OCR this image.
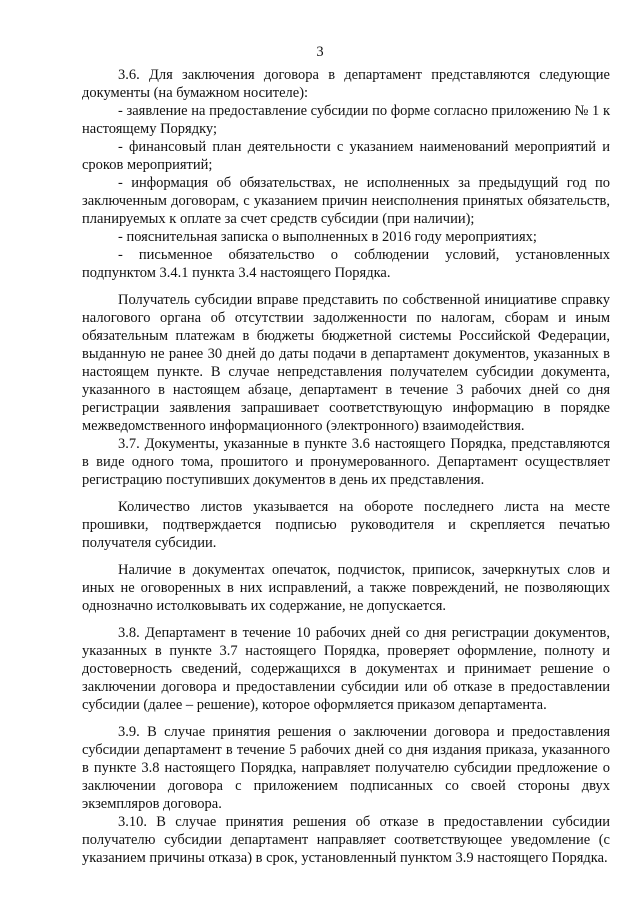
3

3.6. Для заключения договора в департамент представляются следующие документы (на бумажном носителе):

- заявление на предоставление субсидии по форме согласно приложению № 1 к настоящему Порядку;

- финансовый план деятельности с указанием наименований мероприятий и сроков мероприятий;

- информация об обязательствах, не исполненных за предыдущий год по заключенным договорам, с указанием причин неисполнения принятых обязательств, планируемых к оплате за счет средств субсидии (при наличии);

- пояснительная записка о выполненных в 2016 году мероприятиях;

- письменное обязательство о соблюдении условий, установленных подпунктом 3.4.1 пункта 3.4 настоящего Порядка.

Получатель субсидии вправе представить по собственной инициативе справку налогового органа об отсутствии задолженности по налогам, сборам и иным обязательным платежам в бюджеты бюджетной системы Российской Федерации, выданную не ранее 30 дней до даты подачи в департамент документов, указанных в настоящем пункте. В случае непредставления получателем субсидии документа, указанного в настоящем абзаце, департамент в течение 3 рабочих дней со дня регистрации заявления запрашивает соответствующую информацию в порядке межведомственного информационного (электронного) взаимодействия.

3.7. Документы, указанные в пункте 3.6 настоящего Порядка, представляются в виде одного тома, прошитого и пронумерованного. Департамент осуществляет регистрацию поступивших документов в день их представления.

Количество листов указывается на обороте последнего листа на месте прошивки, подтверждается подписью руководителя и скрепляется печатью получателя субсидии.

Наличие в документах опечаток, подчисток, приписок, зачеркнутых слов и иных не оговоренных в них исправлений, а также повреждений, не позволяющих однозначно истолковывать их содержание, не допускается.

3.8. Департамент в течение 10 рабочих дней со дня регистрации документов, указанных в пункте 3.7 настоящего Порядка, проверяет оформление, полноту и достоверность сведений, содержащихся в документах и принимает решение о заключении договора и предоставлении субсидии или об отказе в предоставлении субсидии (далее – решение), которое оформляется приказом департамента.

3.9. В случае принятия решения о заключении договора и предоставления субсидии департамент в течение 5 рабочих дней со дня издания приказа, указанного в пункте 3.8 настоящего Порядка, направляет получателю субсидии предложение о заключении договора с приложением подписанных со своей стороны двух экземпляров договора.

3.10. В случае принятия решения об отказе в предоставлении субсидии получателю субсидии департамент направляет соответствующее уведомление (с указанием причины отказа) в срок, установленный пунктом 3.9 настоящего Порядка.
